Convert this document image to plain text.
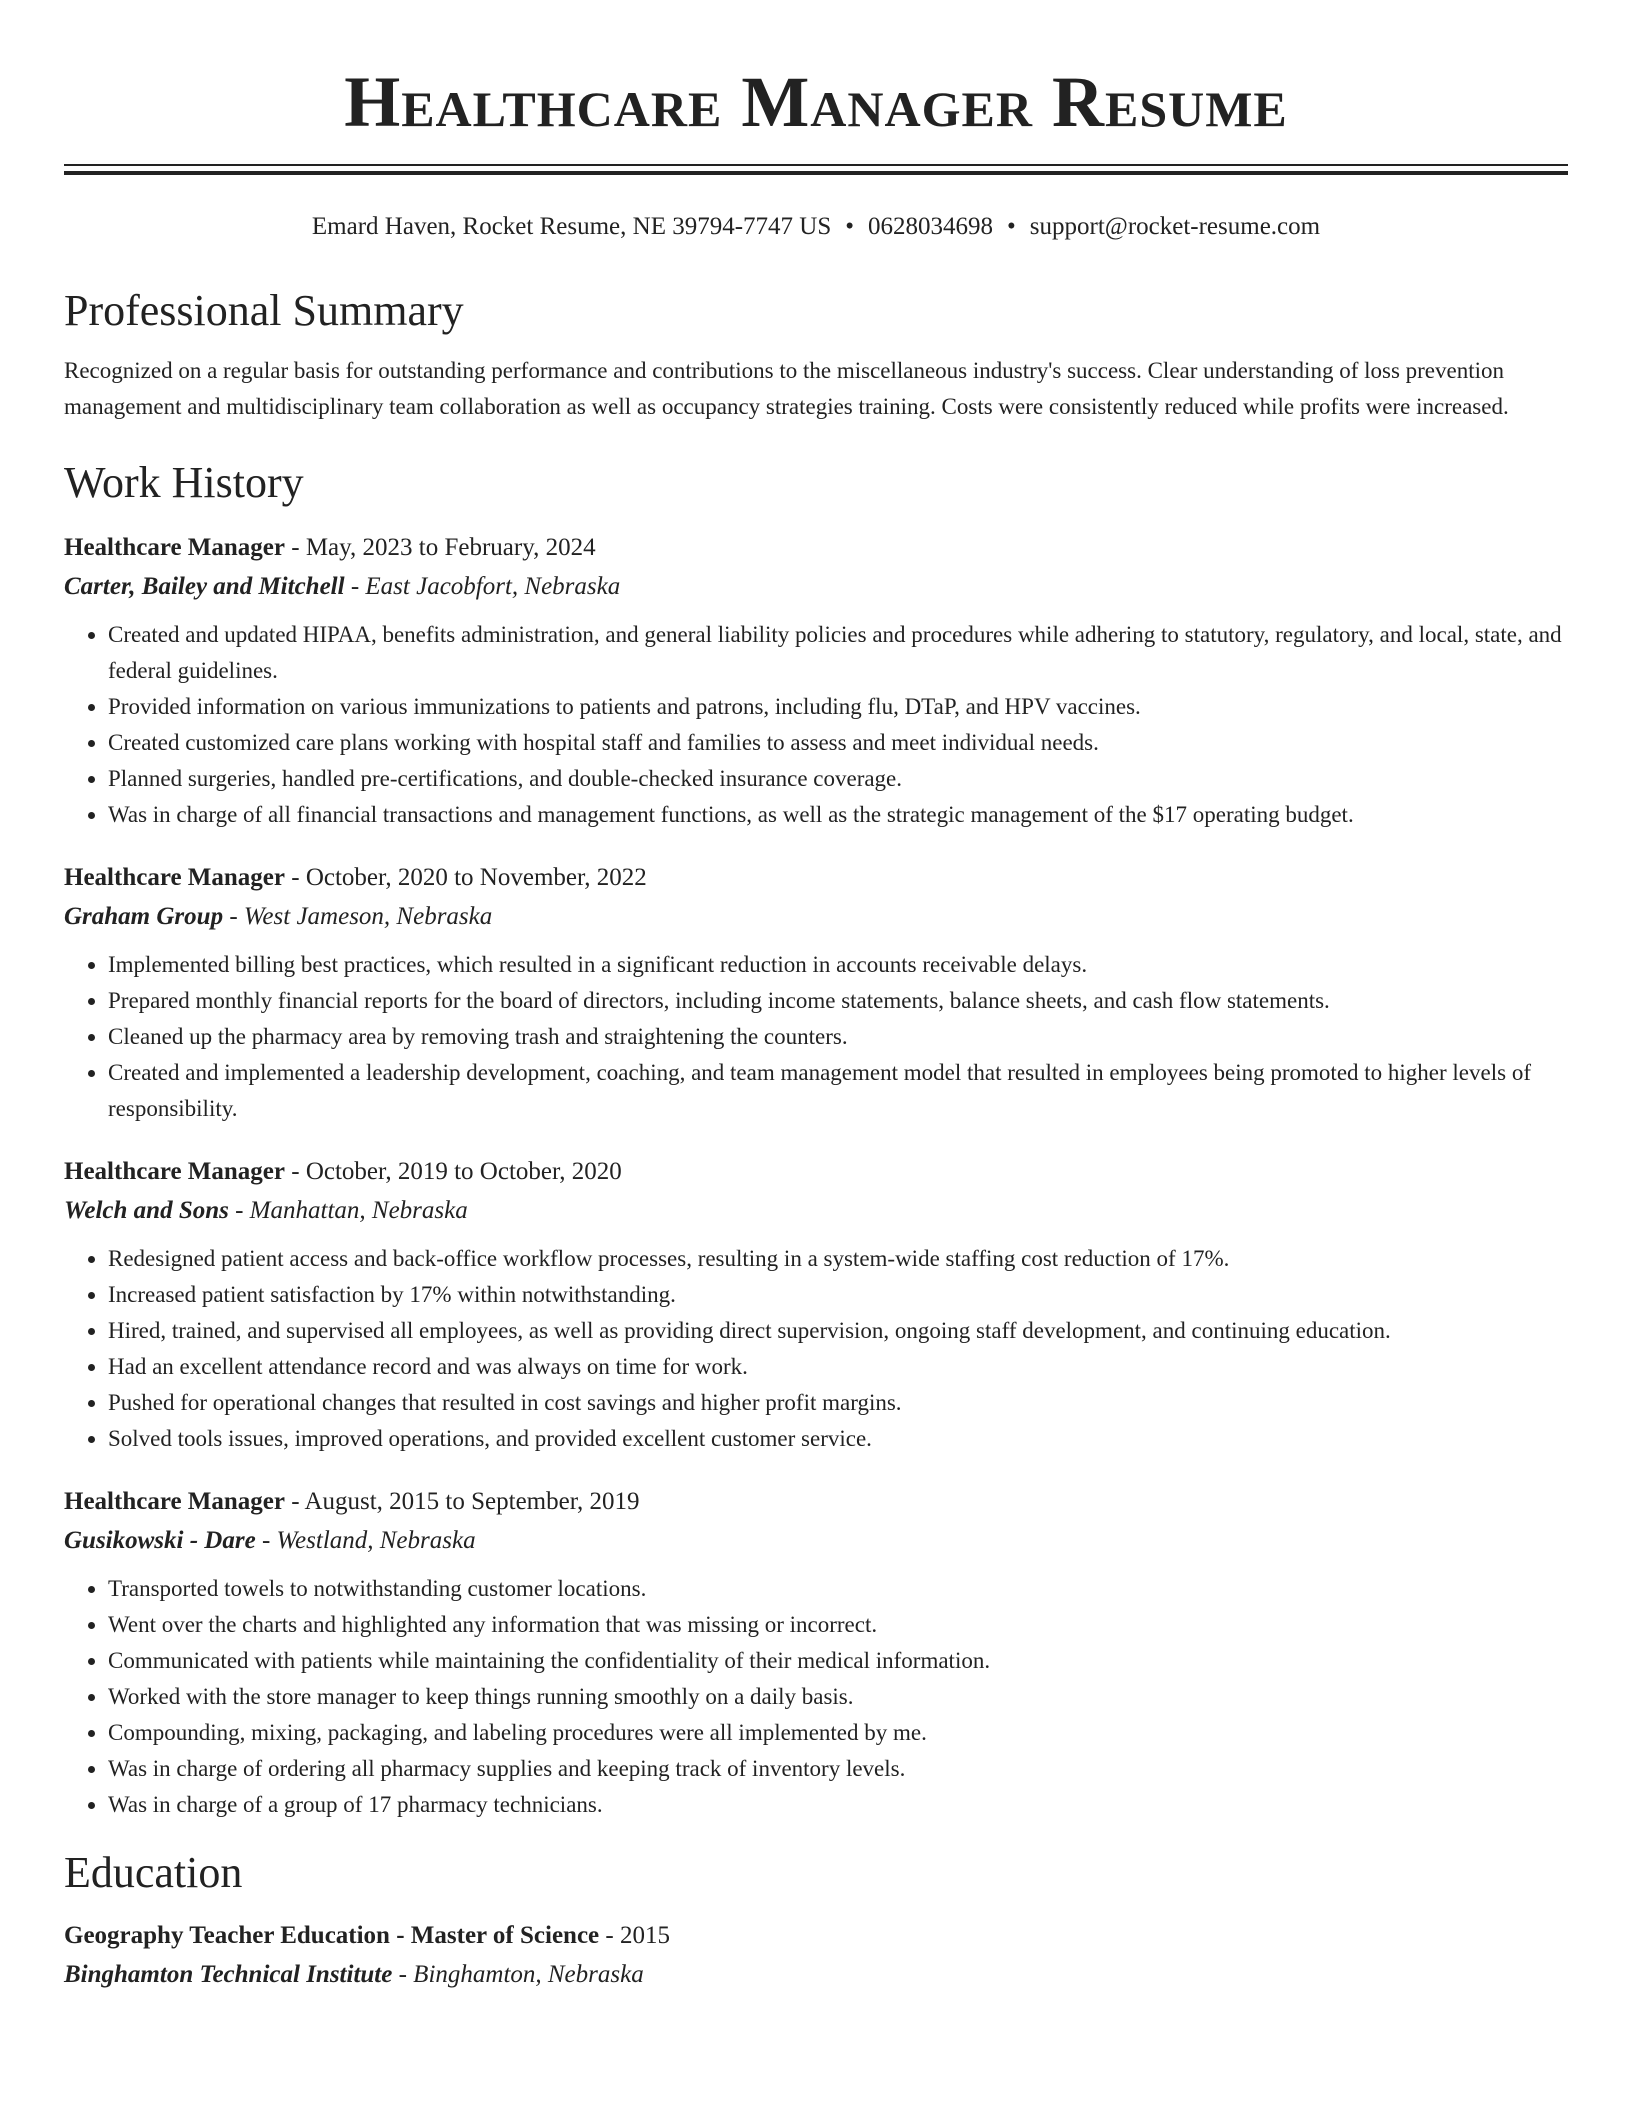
Healthcare Manager Resume
Emard Haven, Rocket Resume, NE 39794-7747 US • 0628034698 • support@rocket-resume.com
Professional Summary
Recognized on a regular basis for outstanding performance and contributions to the miscellaneous industry's success. Clear understanding of loss prevention management and multidisciplinary team collaboration as well as occupancy strategies training. Costs were consistently reduced while profits were increased.
Work History
Healthcare Manager - May, 2023 to February, 2024
Carter, Bailey and Mitchell - East Jacobfort, Nebraska
• Created and updated HIPAA, benefits administration, and general liability policies and procedures while adhering to statutory, regulatory, and local, state, and federal guidelines.
• Provided information on various immunizations to patients and patrons, including flu, DTaP, and HPV vaccines.
• Created customized care plans working with hospital staff and families to assess and meet individual needs.
• Planned surgeries, handled pre-certifications, and double-checked insurance coverage.
• Was in charge of all financial transactions and management functions, as well as the strategic management of the $17 operating budget.
Healthcare Manager - October, 2020 to November, 2022
Graham Group - West Jameson, Nebraska
• Implemented billing best practices, which resulted in a significant reduction in accounts receivable delays.
• Prepared monthly financial reports for the board of directors, including income statements, balance sheets, and cash flow statements.
• Cleaned up the pharmacy area by removing trash and straightening the counters.
• Created and implemented a leadership development, coaching, and team management model that resulted in employees being promoted to higher levels of responsibility.
Healthcare Manager - October, 2019 to October, 2020
Welch and Sons - Manhattan, Nebraska
• Redesigned patient access and back-office workflow processes, resulting in a system-wide staffing cost reduction of 17%.
• Increased patient satisfaction by 17% within notwithstanding.
• Hired, trained, and supervised all employees, as well as providing direct supervision, ongoing staff development, and continuing education.
• Had an excellent attendance record and was always on time for work.
• Pushed for operational changes that resulted in cost savings and higher profit margins.
• Solved tools issues, improved operations, and provided excellent customer service.
Healthcare Manager - August, 2015 to September, 2019
Gusikowski - Dare - Westland, Nebraska
• Transported towels to notwithstanding customer locations.
• Went over the charts and highlighted any information that was missing or incorrect.
• Communicated with patients while maintaining the confidentiality of their medical information.
• Worked with the store manager to keep things running smoothly on a daily basis.
• Compounding, mixing, packaging, and labeling procedures were all implemented by me.
• Was in charge of ordering all pharmacy supplies and keeping track of inventory levels.
• Was in charge of a group of 17 pharmacy technicians.
Education
Geography Teacher Education - Master of Science - 2015
Binghamton Technical Institute - Binghamton, Nebraska
